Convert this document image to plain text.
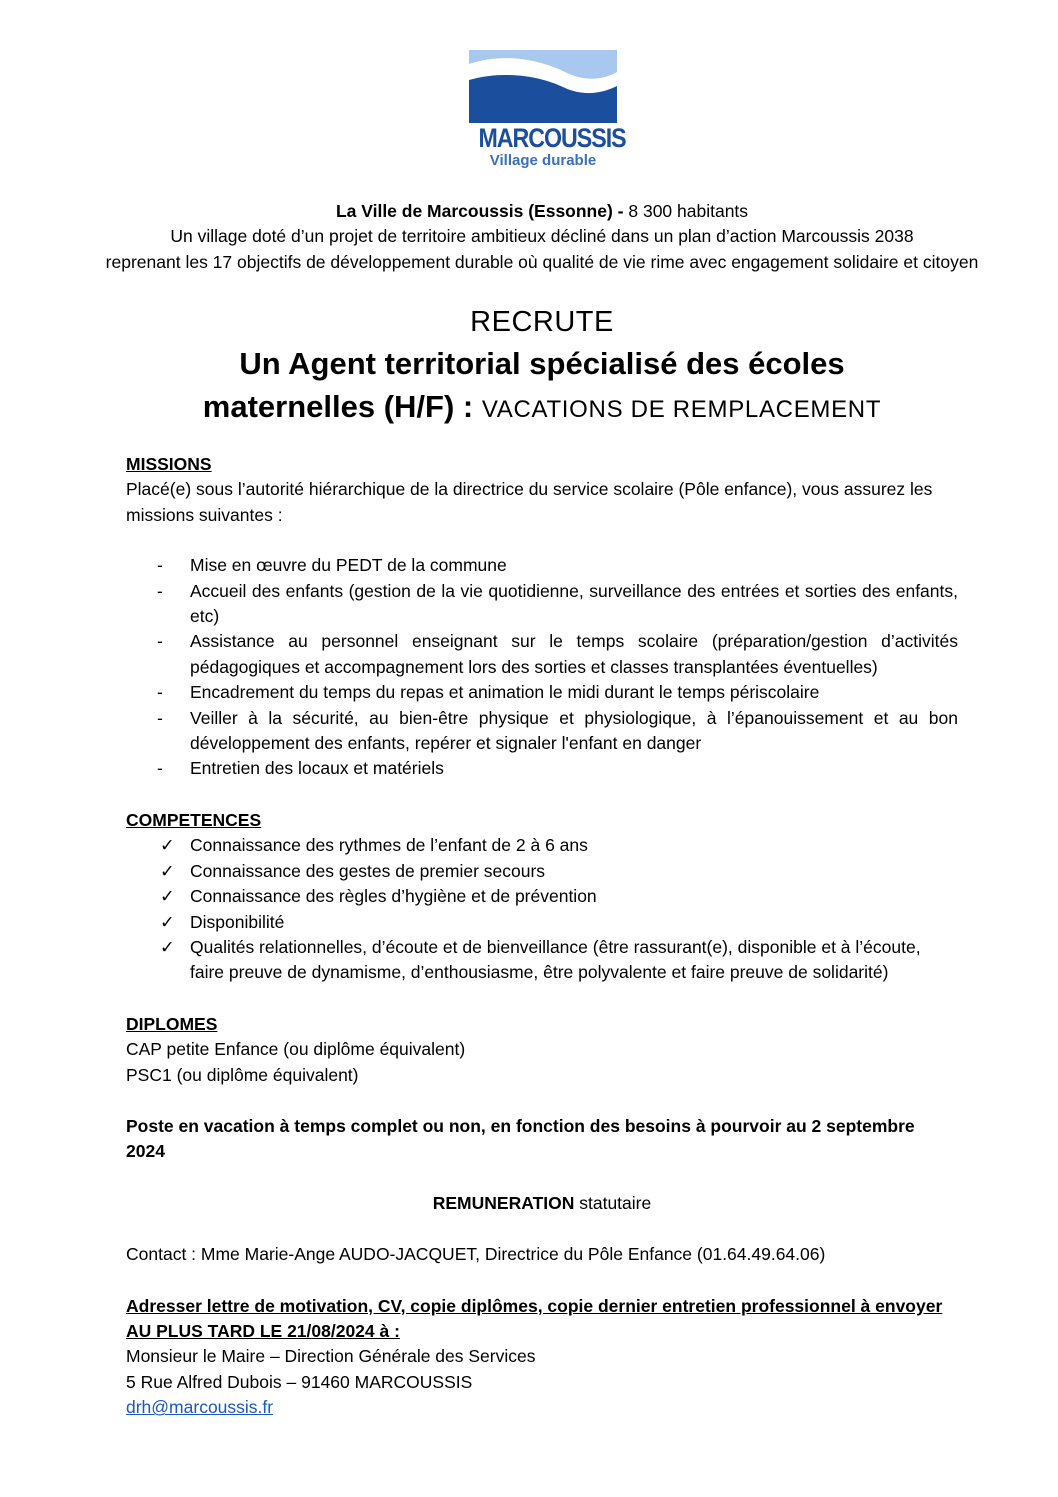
MARCOUSSIS
Village durable

La Ville de Marcoussis (Essonne) - 8 300 habitants

Un village doté d’un projet de territoire ambitieux décliné dans un plan d’action Marcoussis 2038

reprenant les 17 objectifs de développement durable où qualité de vie rime avec engagement solidaire et citoyen

RECRUTE
Un Agent territorial spécialisé des écoles
maternelles (H/F) : VACATIONS DE REMPLACEMENT

MISSIONS

Placé(e) sous l’autorité hiérarchique de la directrice du service scolaire (Pôle enfance), vous assurez les missions suivantes :

- Mise en œuvre du PEDT de la commune
- Accueil des enfants (gestion de la vie quotidienne, surveillance des entrées et sorties des enfants, etc)
- Assistance au personnel enseignant sur le temps scolaire (préparation/gestion d’activités pédagogiques et accompagnement lors des sorties et classes transplantées éventuelles)
- Encadrement du temps du repas et animation le midi durant le temps périscolaire
- Veiller à la sécurité, au bien-être physique et physiologique, à l’épanouissement et au bon développement des enfants, repérer et signaler l'enfant en danger
- Entretien des locaux et matériels

COMPETENCES

✓ Connaissance des rythmes de l’enfant de 2 à 6 ans
✓ Connaissance des gestes de premier secours
✓ Connaissance des règles d’hygiène et de prévention
✓ Disponibilité
✓ Qualités relationnelles, d’écoute et de bienveillance (être rassurant(e), disponible et à l’écoute, faire preuve de dynamisme, d’enthousiasme, être polyvalente et faire preuve de solidarité)

DIPLOMES

CAP petite Enfance (ou diplôme équivalent)

PSC1 (ou diplôme équivalent)

Poste en vacation à temps complet ou non, en fonction des besoins à pourvoir au 2 septembre 2024

REMUNERATION statutaire

Contact : Mme Marie-Ange AUDO-JACQUET, Directrice du Pôle Enfance (01.64.49.64.06)

Adresser lettre de motivation, CV, copie diplômes, copie dernier entretien professionnel à envoyer

AU PLUS TARD LE 21/08/2024 à :

Monsieur le Maire – Direction Générale des Services

5 Rue Alfred Dubois – 91460 MARCOUSSIS

drh@marcoussis.fr
